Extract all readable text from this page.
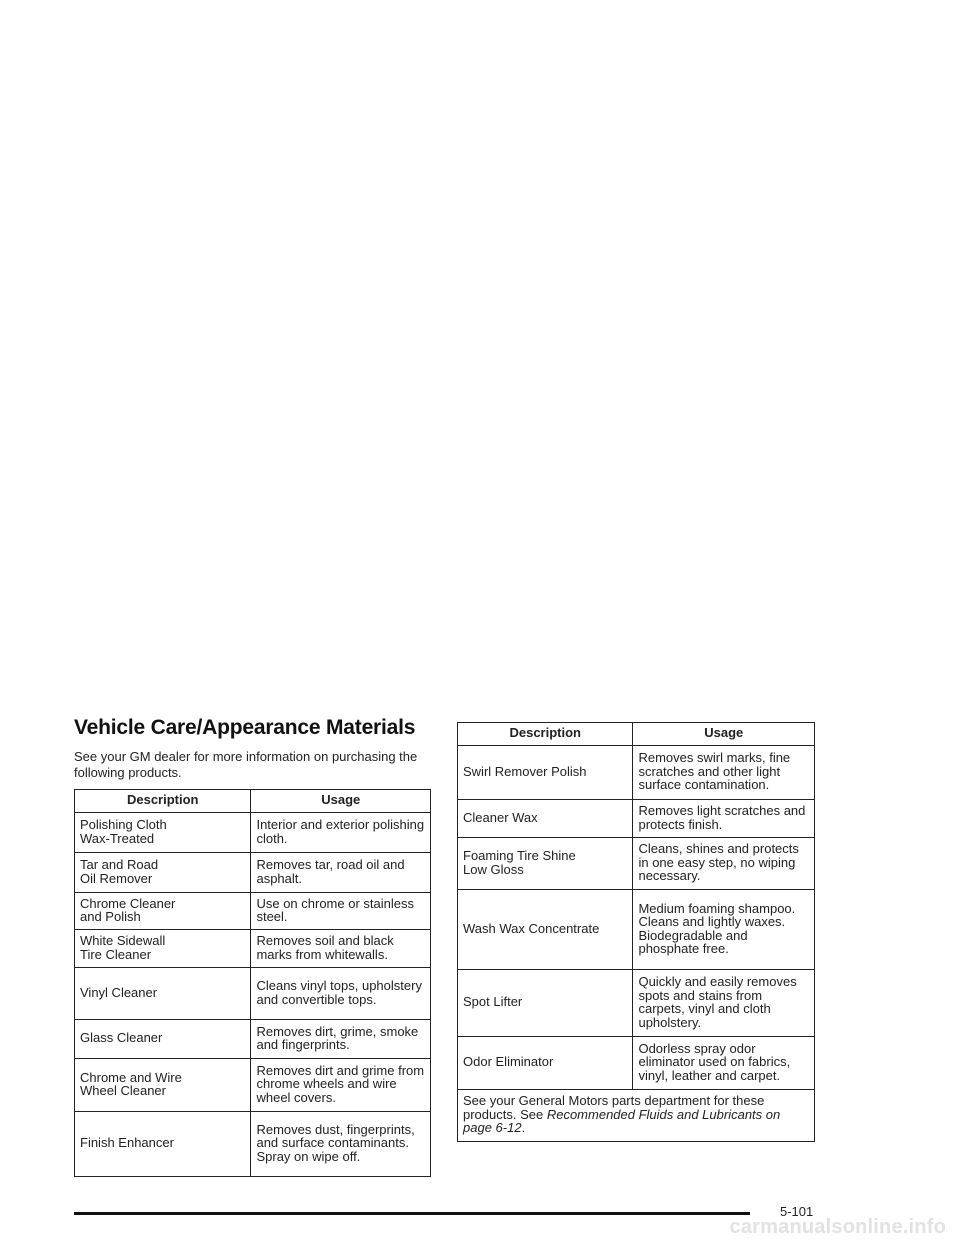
Vehicle Care/Appearance Materials

See your GM dealer for more information on purchasing the following products.

Description	Usage
Polishing Cloth
Wax-Treated	Interior and exterior polishing cloth.
Tar and Road
Oil Remover	Removes tar, road oil and asphalt.
Chrome Cleaner
and Polish	Use on chrome or stainless steel.
White Sidewall
Tire Cleaner	Removes soil and black marks from whitewalls.
Vinyl Cleaner	Cleans vinyl tops, upholstery and convertible tops.
Glass Cleaner	Removes dirt, grime, smoke and fingerprints.
Chrome and Wire
Wheel Cleaner	Removes dirt and grime from chrome wheels and wire wheel covers.
Finish Enhancer	Removes dust, fingerprints, and surface contaminants. Spray on wipe off.
Description	Usage
Swirl Remover Polish	Removes swirl marks, fine scratches and other light surface contamination.
Cleaner Wax	Removes light scratches and protects finish.
Foaming Tire Shine
Low Gloss	Cleans, shines and protects in one easy step, no wiping necessary.
Wash Wax Concentrate	Medium foaming shampoo. Cleans and lightly waxes. Biodegradable and phosphate free.
Spot Lifter	Quickly and easily removes spots and stains from carpets, vinyl and cloth upholstery.
Odor Eliminator	Odorless spray odor eliminator used on fabrics, vinyl, leather and carpet.
See your General Motors parts department for these products. See Recommended Fluids and Lubricants on page 6-12.	
5-101
carmanualsonline.info
